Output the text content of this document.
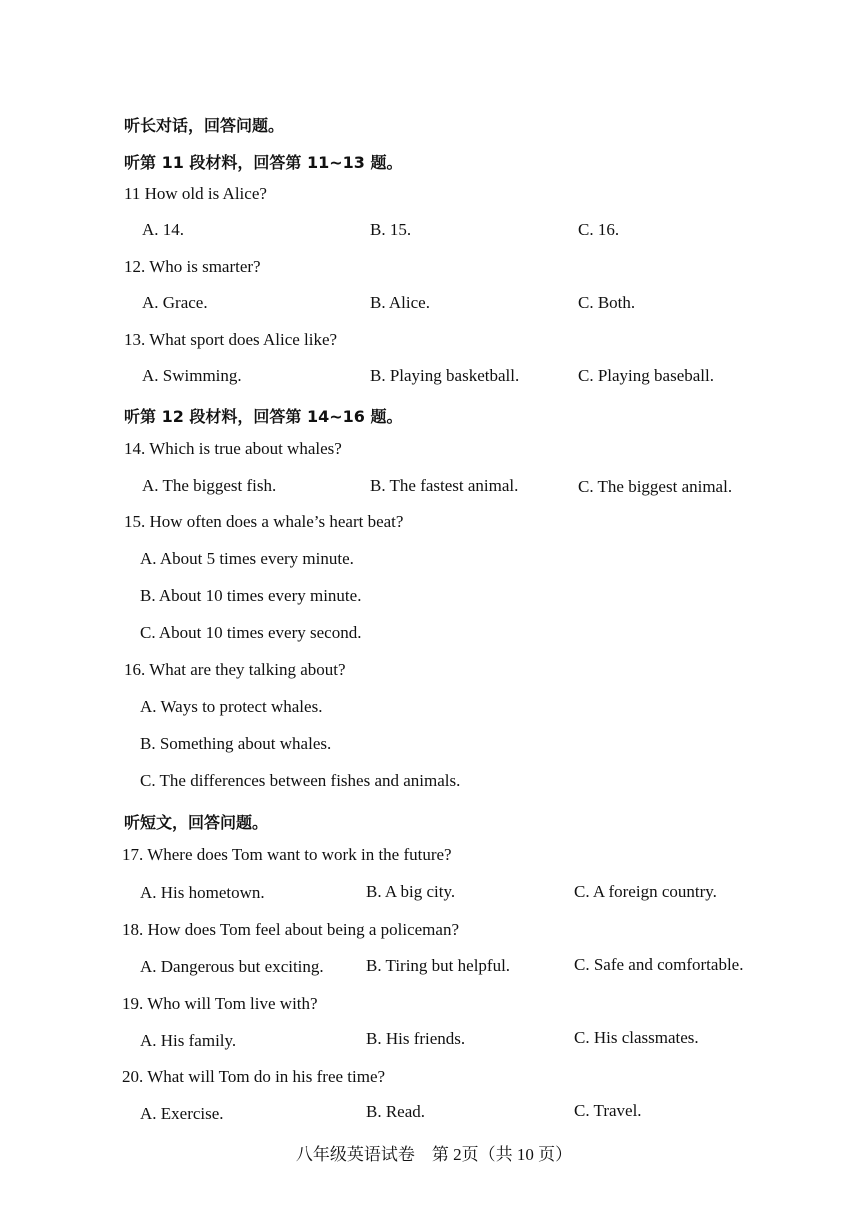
听长对话，回答问题。
听第 11 段材料，回答第 11~13 题。
11 How old is Alice?
A. 14.	B. 15.	C. 16.
12. Who is smarter?
A. Grace.	B. Alice.	C. Both.
13. What sport does Alice like?
A. Swimming.	B. Playing basketball.	C. Playing baseball.
听第 12 段材料，回答第 14~16 题。
14. Which is true about whales?
A. The biggest fish.	B. The fastest animal.	C. The biggest animal.
15. How often does a whale’s heart beat?
A. About 5 times every minute.
B. About 10 times every minute.
C. About 10 times every second.
16. What are they talking about?
A. Ways to protect whales.
B. Something about whales.
C. The differences between fishes and animals.
听短文，回答问题。
17. Where does Tom want to work in the future?
A. His hometown.	B. A big city.	C. A foreign country.
18. How does Tom feel about being a policeman?
A. Dangerous but exciting. B. Tiring but helpful.	C. Safe and comfortable.
19. Who will Tom live with?
A. His family.	B. His friends.	C. His classmates.
20. What will Tom do in his free time?
A. Exercise.	B. Read.	C. Travel.
八年级英语试卷　第 2页（共 10 页）
